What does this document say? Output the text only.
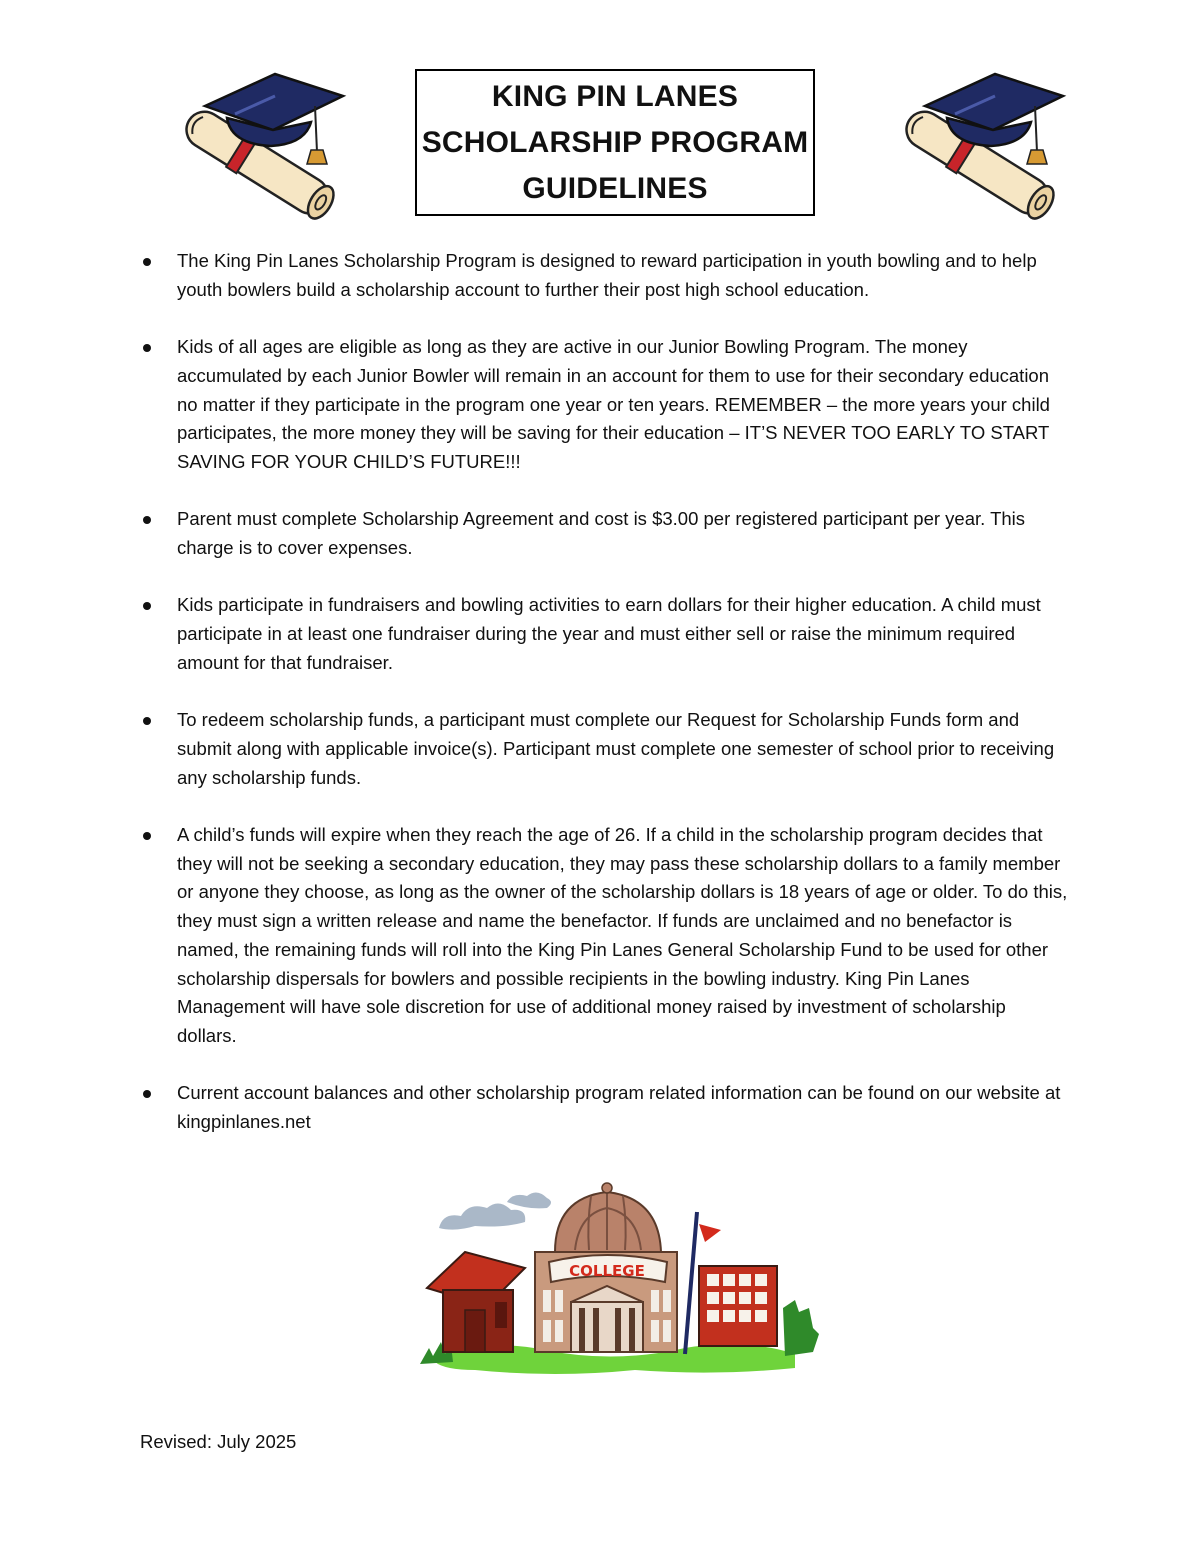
KING PIN LANES
SCHOLARSHIP PROGRAM
GUIDELINES
The King Pin Lanes Scholarship Program is designed to reward participation in youth bowling and to help youth bowlers build a scholarship account to further their post high school education.
Kids of all ages are eligible as long as they are active in our Junior Bowling Program. The money accumulated by each Junior Bowler will remain in an account for them to use for their secondary education no matter if they participate in the program one year or ten years. REMEMBER – the more years your child participates, the more money they will be saving for their education – IT’S NEVER TOO EARLY TO START SAVING FOR YOUR CHILD’S FUTURE!!!
Parent must complete Scholarship Agreement and cost is $3.00 per registered participant per year. This charge is to cover expenses.
Kids participate in fundraisers and bowling activities to earn dollars for their higher education. A child must participate in at least one fundraiser during the year and must either sell or raise the minimum required amount for that fundraiser.
To redeem scholarship funds, a participant must complete our Request for Scholarship Funds form and submit along with applicable invoice(s). Participant must complete one semester of school prior to receiving any scholarship funds.
A child’s funds will expire when they reach the age of 26. If a child in the scholarship program decides that they will not be seeking a secondary education, they may pass these scholarship dollars to a family member or anyone they choose, as long as the owner of the scholarship dollars is 18 years of age or older. To do this, they must sign a written release and name the benefactor. If funds are unclaimed and no benefactor is named, the remaining funds will roll into the King Pin Lanes General Scholarship Fund to be used for other scholarship dispersals for bowlers and possible recipients in the bowling industry. King Pin Lanes Management will have sole discretion for use of additional money raised by investment of scholarship dollars.
Current account balances and other scholarship program related information can be found on our website at kingpinlanes.net
COLLEGE
Revised: July 2025
